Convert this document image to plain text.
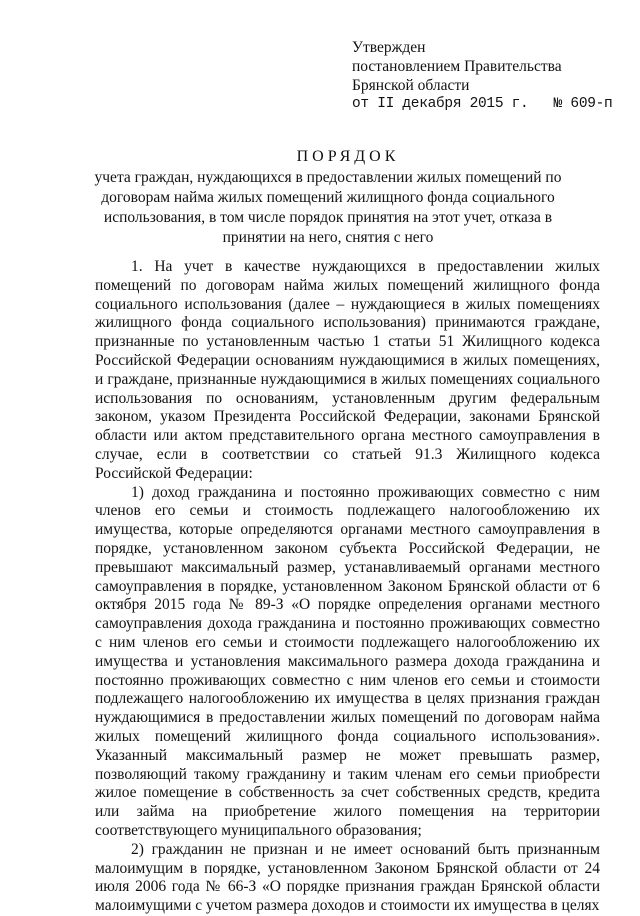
Утвержден
постановлением Правительства
Брянской области
от II декабря 2015 г.   № 609-п
ПОРЯДОК
учета граждан, нуждающихся в предоставлении жилых помещений по договорам найма жилых помещений жилищного фонда социального использования, в том числе порядок принятия на этот учет, отказа в принятии на него, снятия с него

1. На учет в качестве нуждающихся в предоставлении жилых помещений по договорам найма жилых помещений жилищного фонда социального использования (далее – нуждающиеся в жилых помещениях жилищного фонда социального использования) принимаются граждане, признанные по установленным частью 1 статьи 51 Жилищного кодекса Российской Федерации основаниям нуждающимися в жилых помещениях, и граждане, признанные нуждающимися в жилых помещениях социального использования по основаниям, установленным другим федеральным законом, указом Президента Российской Федерации, законами Брянской области или актом представительного органа местного самоуправления в случае, если в соответствии со статьей 91.3 Жилищного кодекса Российской Федерации:

1) доход гражданина и постоянно проживающих совместно с ним членов его семьи и стоимость подлежащего налогообложению их имущества, которые определяются органами местного самоуправления в порядке, установленном законом субъекта Российской Федерации, не превышают максимальный размер, устанавливаемый органами местного самоуправления в порядке, установленном Законом Брянской области от 6 октября 2015 года № 89-З «О порядке определения органами местного самоуправления дохода гражданина и постоянно проживающих совместно с ним членов его семьи и стоимости подлежащего налогообложению их имущества и установления максимального размера дохода гражданина и постоянно проживающих совместно с ним членов его семьи и стоимости подлежащего налогообложению их имущества в целях признания граждан нуждающимися в предоставлении жилых помещений по договорам найма жилых помещений жилищного фонда социального использования». Указанный максимальный размер не может превышать размер, позволяющий такому гражданину и таким членам его семьи приобрести жилое помещение в собственность за счет собственных средств, кредита или займа на приобретение жилого помещения на территории соответствующего муниципального образования;

2) гражданин не признан и не имеет оснований быть признанным малоимущим в порядке, установленном Законом Брянской области от 24 июля 2006 года № 66-З «О порядке признания граждан Брянской области малоимущими с учетом размера доходов и стоимости их имущества в целях
